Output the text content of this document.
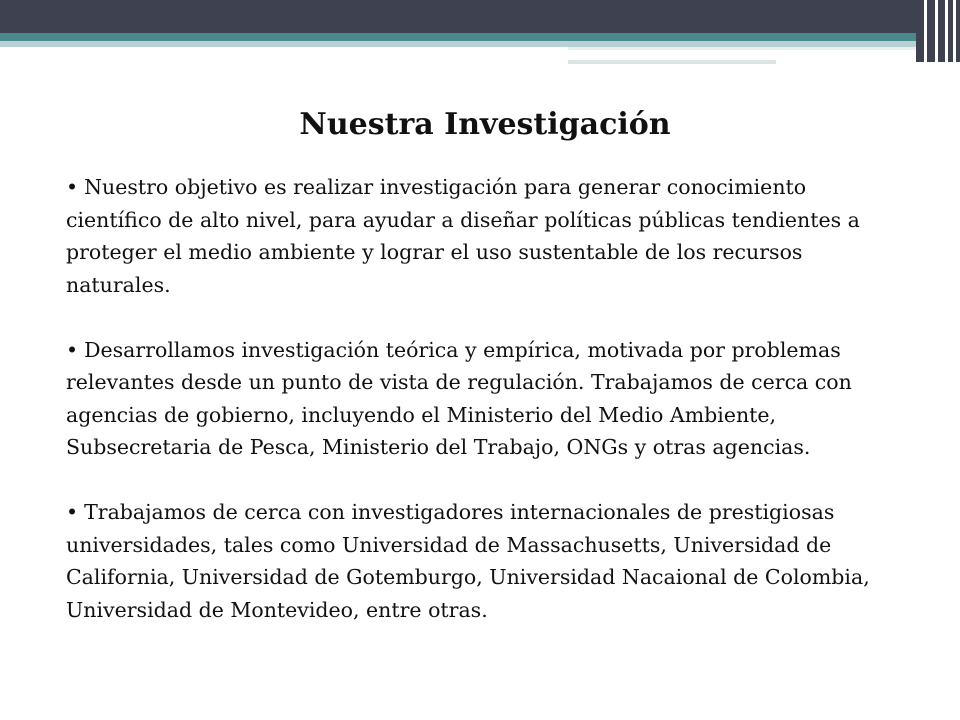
Nuestra Investigación

• Nuestro objetivo es realizar investigación para generar conocimiento científico de alto nivel, para ayudar a diseñar políticas públicas tendientes a proteger el medio ambiente y lograr el uso sustentable de los recursos naturales.

• Desarrollamos investigación teórica y empírica, motivada por problemas relevantes desde un punto de vista de regulación. Trabajamos de cerca con agencias de gobierno, incluyendo el Ministerio del Medio Ambiente, Subsecretaria de Pesca, Ministerio del Trabajo, ONGs y otras agencias.

• Trabajamos de cerca con investigadores internacionales de prestigiosas universidades, tales como Universidad de Massachusetts, Universidad de California, Universidad de Gotemburgo, Universidad Nacaional de Colombia, Universidad de Montevideo, entre otras.
